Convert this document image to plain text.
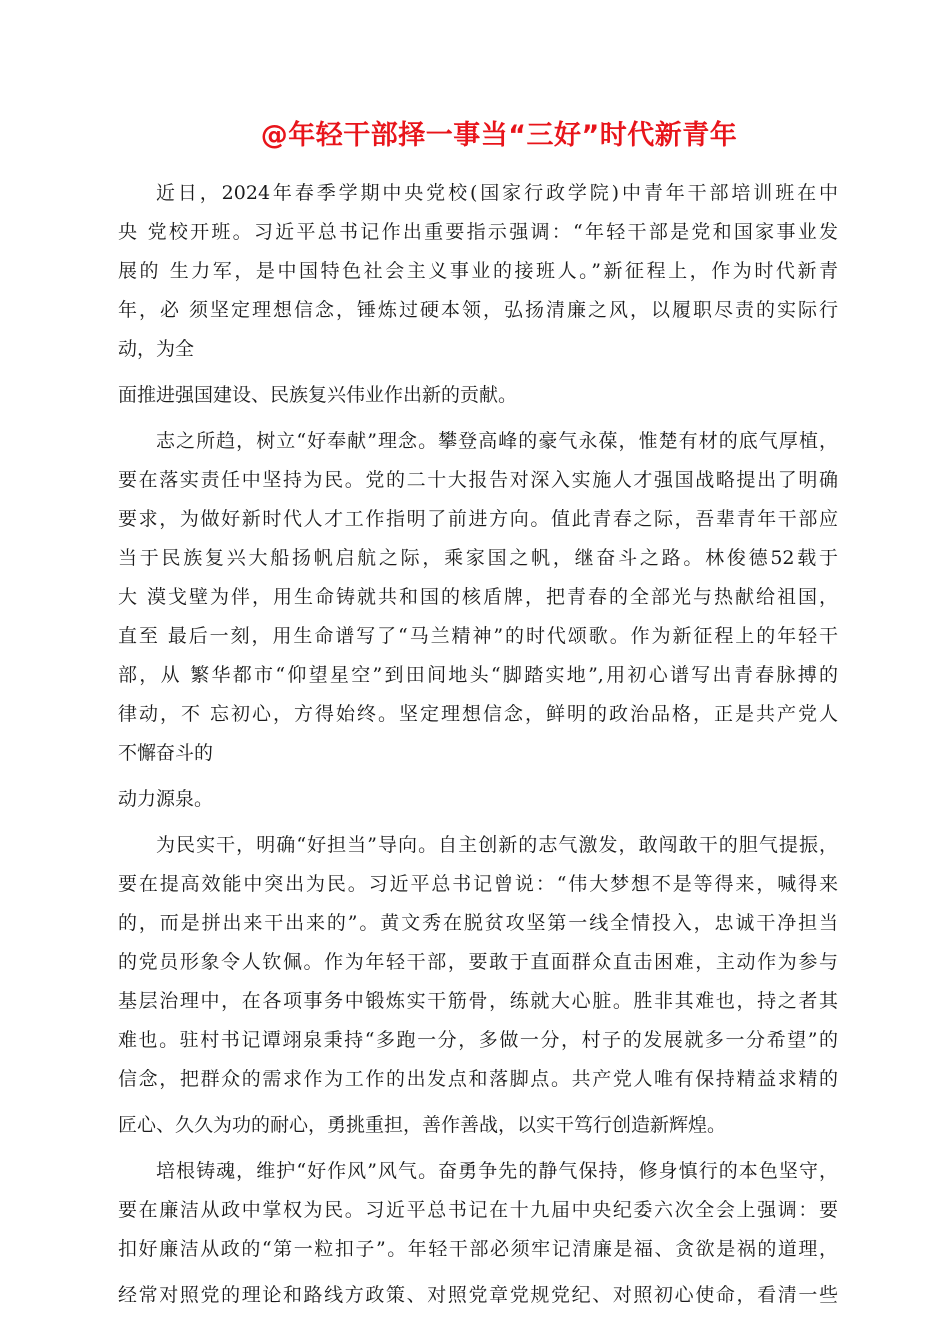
@年轻干部择一事当“三好”时代新青年
近日，2024年春季学期中央党校(国家行政学院)中青年干部培训班在中
央 党校开班。习近平总书记作出重要指示强调：“年轻干部是党和国家事业发
展的 生力军，是中国特色社会主义事业的接班人。”新征程上，作为时代新青
年，必 须坚定理想信念，锤炼过硬本领，弘扬清廉之风，以履职尽责的实际行
动，为全
面推进强国建设、民族复兴伟业作出新的贡献。
志之所趋，树立“好奉献”理念。攀登高峰的豪气永葆，惟楚有材的底气厚植，
要在落实责任中坚持为民。党的二十大报告对深入实施人才强国战略提出了明确
要求，为做好新时代人才工作指明了前进方向。值此青春之际，吾辈青年干部应
当于民族复兴大船扬帆启航之际，乘家国之帆，继奋斗之路。林俊德52载于
大 漠戈壁为伴，用生命铸就共和国的核盾牌，把青春的全部光与热献给祖国，
直至 最后一刻，用生命谱写了“马兰精神”的时代颂歌。作为新征程上的年轻干
部，从 繁华都市“仰望星空”到田间地头“脚踏实地”,用初心谱写出青春脉搏的
律动，不 忘初心，方得始终。坚定理想信念，鲜明的政治品格，正是共产党人
不懈奋斗的
动力源泉。
为民实干，明确“好担当”导向。自主创新的志气激发，敢闯敢干的胆气提振，
要在提高效能中突出为民。习近平总书记曾说：“伟大梦想不是等得来，喊得来
的，而是拼出来干出来的”。黄文秀在脱贫攻坚第一线全情投入，忠诚干净担当
的党员形象令人钦佩。作为年轻干部，要敢于直面群众直击困难，主动作为参与
基层治理中，在各项事务中锻炼实干筋骨，练就大心脏。胜非其难也，持之者其
难也。驻村书记谭翊泉秉持“多跑一分，多做一分，村子的发展就多一分希望”的
信念，把群众的需求作为工作的出发点和落脚点。共产党人唯有保持精益求精的
匠心、久久为功的耐心，勇挑重担，善作善战，以实干笃行创造新辉煌。
培根铸魂，维护“好作风”风气。奋勇争先的静气保持，修身慎行的本色坚守，
要在廉洁从政中掌权为民。习近平总书记在十九届中央纪委六次全会上强调：要
扣好廉洁从政的“第一粒扣子”。年轻干部必须牢记清廉是福、贪欲是祸的道理，
经常对照党的理论和路线方政策、对照党章党规党纪、对照初心使命，看清一些
